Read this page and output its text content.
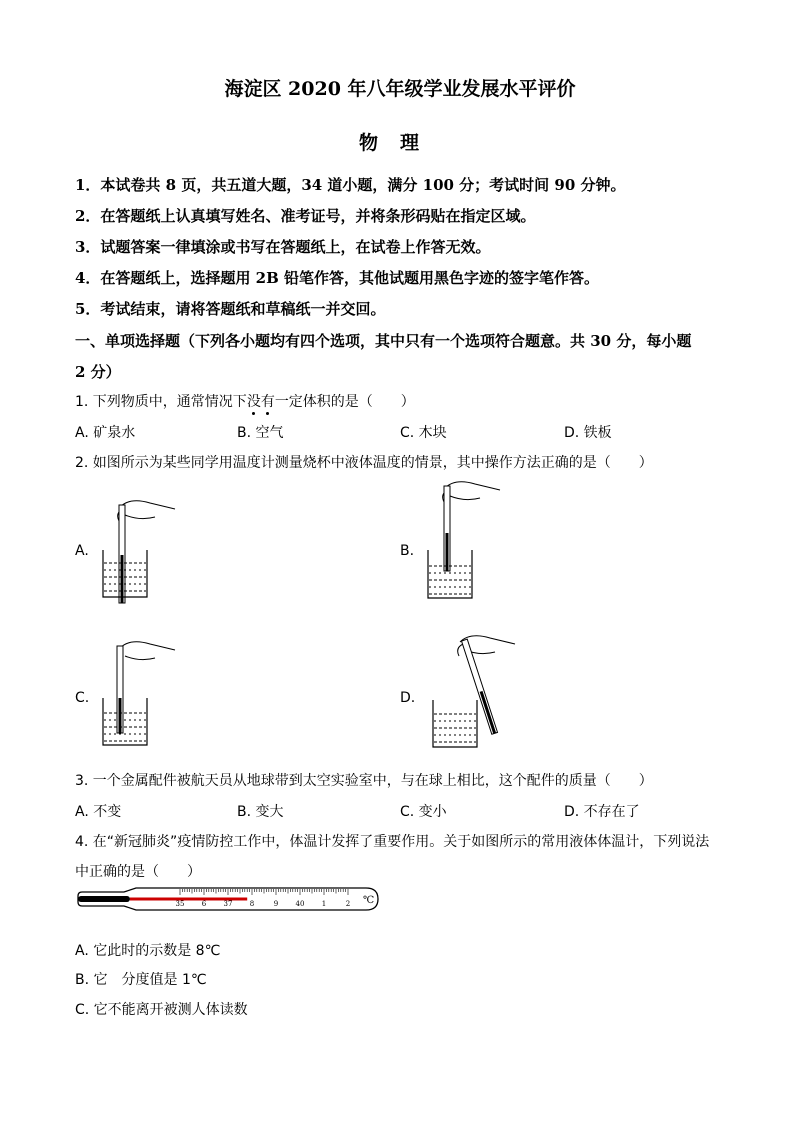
海淀区 2020 年八年级学业发展水平评价
物理
1．本试卷共 8 页，共五道大题，34 道小题，满分 100 分；考试时间 90 分钟。
2．在答题纸上认真填写姓名、准考证号，并将条形码贴在指定区域。
3．试题答案一律填涂或书写在答题纸上，在试卷上作答无效。
4．在答题纸上，选择题用 2B 铅笔作答，其他试题用黑色字迹的签字笔作答。
5．考试结束，请将答题纸和草稿纸一并交回。
一、单项选择题（下列各小题均有四个选项，其中只有一个选项符合题意。共 30 分，每小题
2 分）
1. 下列物质中，通常情况下没有一定体积的是（　　）
A. 矿泉水	B. 空气	C. 木块	D. 铁板
2. 如图所示为某些同学用温度计测量烧杯中液体温度的情景，其中操作方法正确的是（　　）
A.	B.
C.	D.
3. 一个金属配件被航天员从地球带到太空实验室中，与在球上相比，这个配件的质量（　　）
A. 不变	B. 变大	C. 变小	D. 不存在了
4. 在“新冠肺炎”疫情防控工作中，体温计发挥了重要作用。关于如图所示的常用液体体温计，下列说法
中正确的是（　　）
35 6 37 8	9 40 1	2 ℃
A. 它此时的示数是 8℃
B. 它　分度值是 1℃
C. 它不能离开被测人体读数
